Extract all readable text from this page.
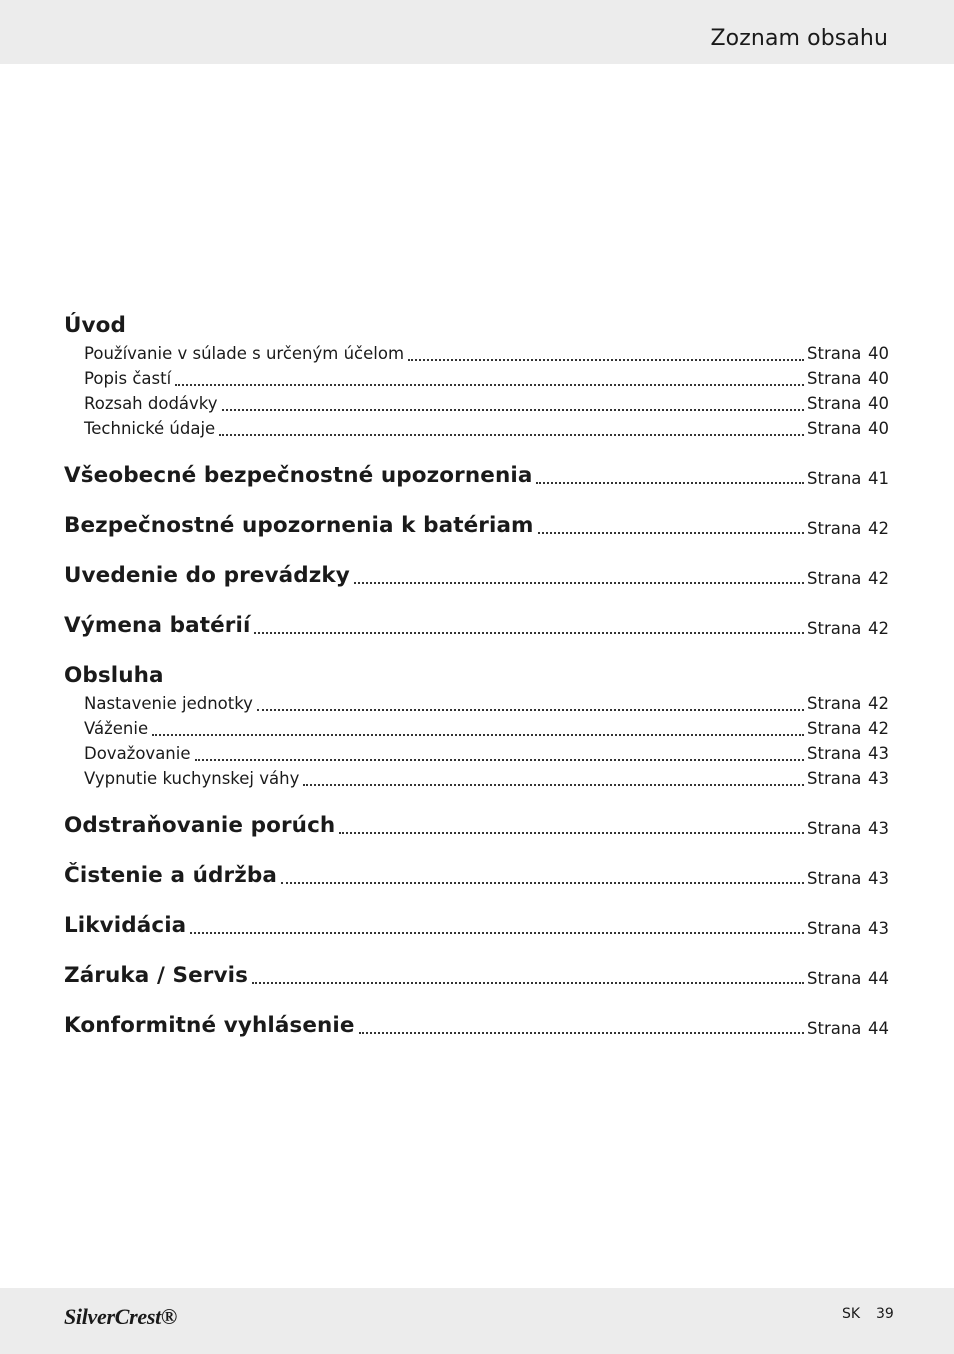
Zoznam obsahu
Úvod
Používanie v súlade s určeným účelom	Strana 40
Popis častí	Strana 40
Rozsah dodávky	Strana 40
Technické údaje	Strana 40
Všeobecné bezpečnostné upozornenia	Strana 41
Bezpečnostné upozornenia k batériam	Strana 42
Uvedenie do prevádzky	Strana 42
Výmena batérií	Strana 42
Obsluha
Nastavenie jednotky	Strana 42
Váženie	Strana 42
Dovažovanie	Strana 43
Vypnutie kuchynskej váhy	Strana 43
Odstraňovanie porúch	Strana 43
Čistenie a údržba	Strana 43
Likvidácia	Strana 43
Záruka / Servis	Strana 44
Konformitné vyhlásenie	Strana 44
SilverCrest®	SK 39
